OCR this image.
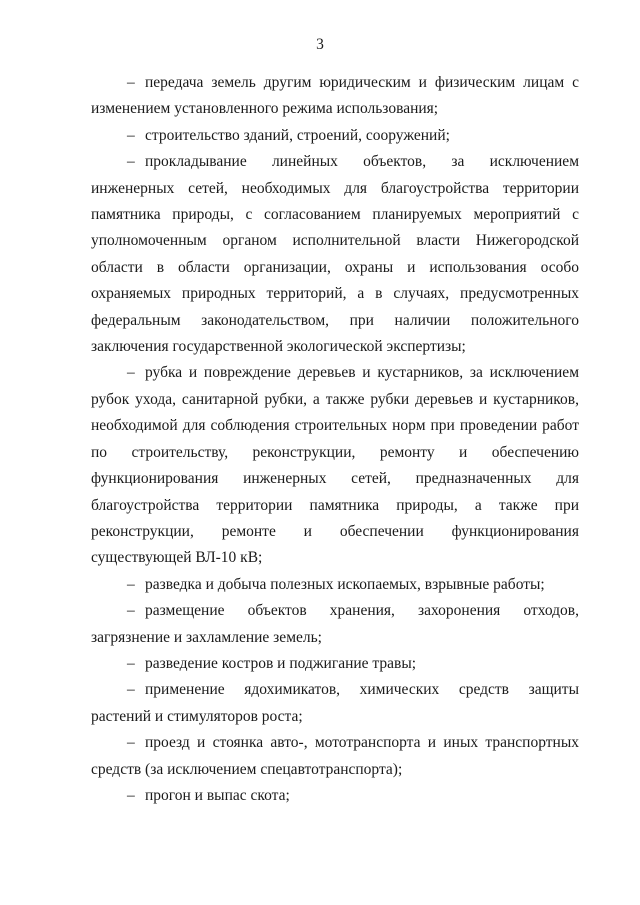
3

– передача земель другим юридическим и физическим лицам с изменением установленного режима использования;

– строительство зданий, строений, сооружений;

– прокладывание линейных объектов, за исключением инженерных сетей, необходимых для благоустройства территории памятника природы, с согласованием планируемых мероприятий с уполномоченным органом исполнительной власти Нижегородской области в области организации, охраны и использования особо охраняемых природных территорий, а в случаях, предусмотренных федеральным законодательством, при наличии положительного заключения государственной экологической экспертизы;

– рубка и повреждение деревьев и кустарников, за исключением рубок ухода, санитарной рубки, а также рубки деревьев и кустарников, необходимой для соблюдения строительных норм при проведении работ по строительству, реконструкции, ремонту и обеспечению функционирования инженерных сетей, предназначенных для благоустройства территории памятника природы, а также при реконструкции, ремонте и обеспечении функционирования существующей ВЛ-10 кВ;

– разведка и добыча полезных ископаемых, взрывные работы;

– размещение объектов хранения, захоронения отходов, загрязнение и захламление земель;

– разведение костров и поджигание травы;

– применение ядохимикатов, химических средств защиты растений и стимуляторов роста;

– проезд и стоянка авто-, мототранспорта и иных транспортных средств (за исключением спецавтотранспорта);

– прогон и выпас скота;
